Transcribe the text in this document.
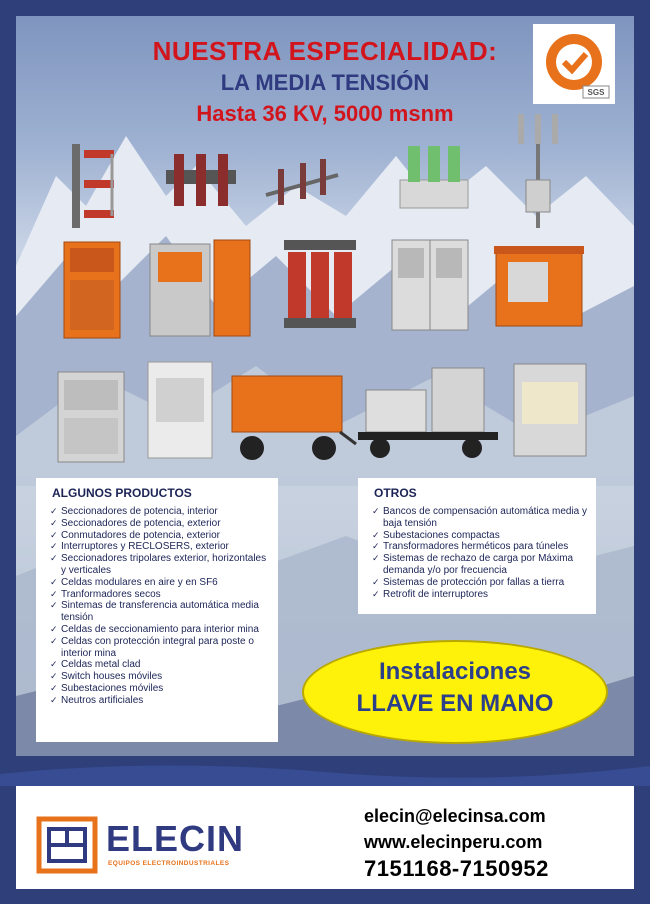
NUESTRA ESPECIALIDAD:
LA MEDIA TENSIÓN
Hasta 36 KV, 5000 msnm
SGS
ALGUNOS PRODUCTOS
✓ Seccionadores de potencia, interior
✓ Seccionadores de potencia, exterior
✓ Conmutadores de potencia, exterior
✓ Interruptores y RECLOSERS, exterior
✓ Seccionadores tripolares exterior, horizontales y verticales
✓ Celdas modulares en aire y en SF6
✓ Tranformadores secos
✓ Sintemas de transferencia automática media tensión
✓ Celdas de seccionamiento para interior mina
✓ Celdas con protección integral para poste o interior mina
✓ Celdas metal clad
✓ Switch houses móviles
✓ Subestaciones móviles
✓ Neutros artificiales
OTROS
✓ Bancos de compensación automática media y baja tensión
✓ Subestaciones compactas
✓ Transformadores herméticos para túneles
✓ Sistemas de rechazo de carga por Máxima demanda y/o por frecuencia
✓ Sistemas de protección por fallas a tierra
✓ Retrofit de interruptores
Instalaciones
LLAVE EN MANO
ELECIN
EQUIPOS ELECTROINDUSTRIALES
elecin@elecinsa.com
www.elecinperu.com
7151168-7150952
